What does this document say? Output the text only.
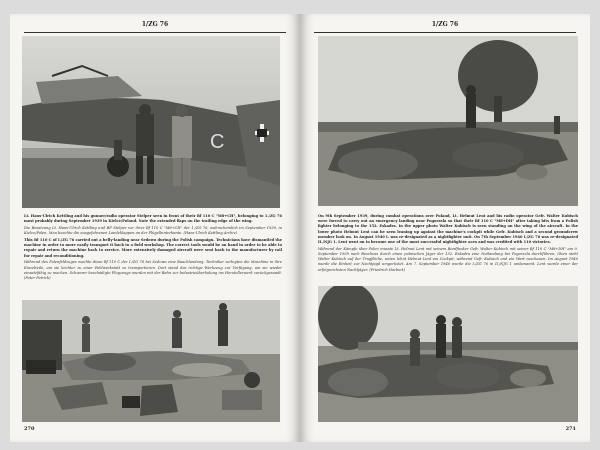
1/ZG 76
C

Lt. Hans-Ulrich Kettling and his gunner/radio operator Stelper seen in front of their Bf 110 C "M8+CH", belonging to 1./ZG 76 most probably during September 1939 in Kielce/Poland. Note the extended flaps on the trailing edge of the wing.

Die Besatzung Lt. Hans-Ulrich Kettling und BF Stelper vor ihrer Bf 110 C "M8+CH" der 1./ZG 76, wahrscheinlich im September 1939, in Kielce/Polen. Man beachte die ausgefahrenen Landeklappen an der Flügelhinterkante. (Hans-Ulrich Kettling Archiv)

This Bf 110 C of I./ZG 76 carried out a belly-landing near Sedowo during the Polish campaign. Technicians have dismantled the machine in order to more easily transport it back to a field workshop. The correct tools would be on hand in order to be able to repair and return the machine back to service. More extensively damaged aircraft were sent back to the manufacturer by rail for repair and reconditioning.

Während des Polenfeldzuges machte diese Bf 110 C der I./ZG 76 bei Sedowo eine Bauchlandung. Techniker zerlegten die Maschine in ihre Einzelteile, um sie leichter zu einer Feldwerkstatt zu transportieren. Dort stand das richtige Werkzeug zur Verfügung, um sie wieder einsatzfähig zu machen. Schwerer beschädigte Flugzeuge wurden mit der Bahn zur Industrieüberholung ins Herstellerwerk zurückgesandt. (Peter Petrick)

270
1/ZG 76

On 9th September 1939, during combat operations over Poland, Lt. Helmut Lent and his radio operator Gefr. Walter Kubisch were forced to carry out an emergency landing near Pogorzela so that their Bf 110 C "M8+DH" after taking hits from a Polish fighter belonging to the 152. Eskadra. In the upper photo Walter Kubisch is seen standing on the wing of the aircraft. In the lower photo Helmut Lent can be seen leaning up against the machine's cockpit while Gefr. Kubisch and a second groundcrew member look on. In August 1940 I. was re-designated as a nightfighter unit. On 7th September 1940 I./ZG 76 was re-designated II./NJG 1. Lent went on to become one of the most successful nightfighter aces and was credited with 110 victories.

Während der Kämpfe über Polen musste Lt. Helmut Lent mit seinem Bordfunker Gefr. Walter Kubisch mit seiner Bf 110 C "M8+DH" am 9. September 1939 nach Beschuss durch einen polnischen Jäger der 152. Eskadra eine Notlandung bei Pogorzela durchführen. Oben steht Walter Kubisch auf der Tragfläche, unten lehnt Helmut Lent am Cockpit, während Gefr. Kubisch und ein Wart zuschauen. Im August 1940 wurde die Einheit zur Nachtjagd umgerüstet. Am 7. September 1940 wurde die I./ZG 76 in II./NJG 1 umbenannt. Lent wurde einer der erfolgreichsten Nachtjäger. (Friedrich Harbort)

271
